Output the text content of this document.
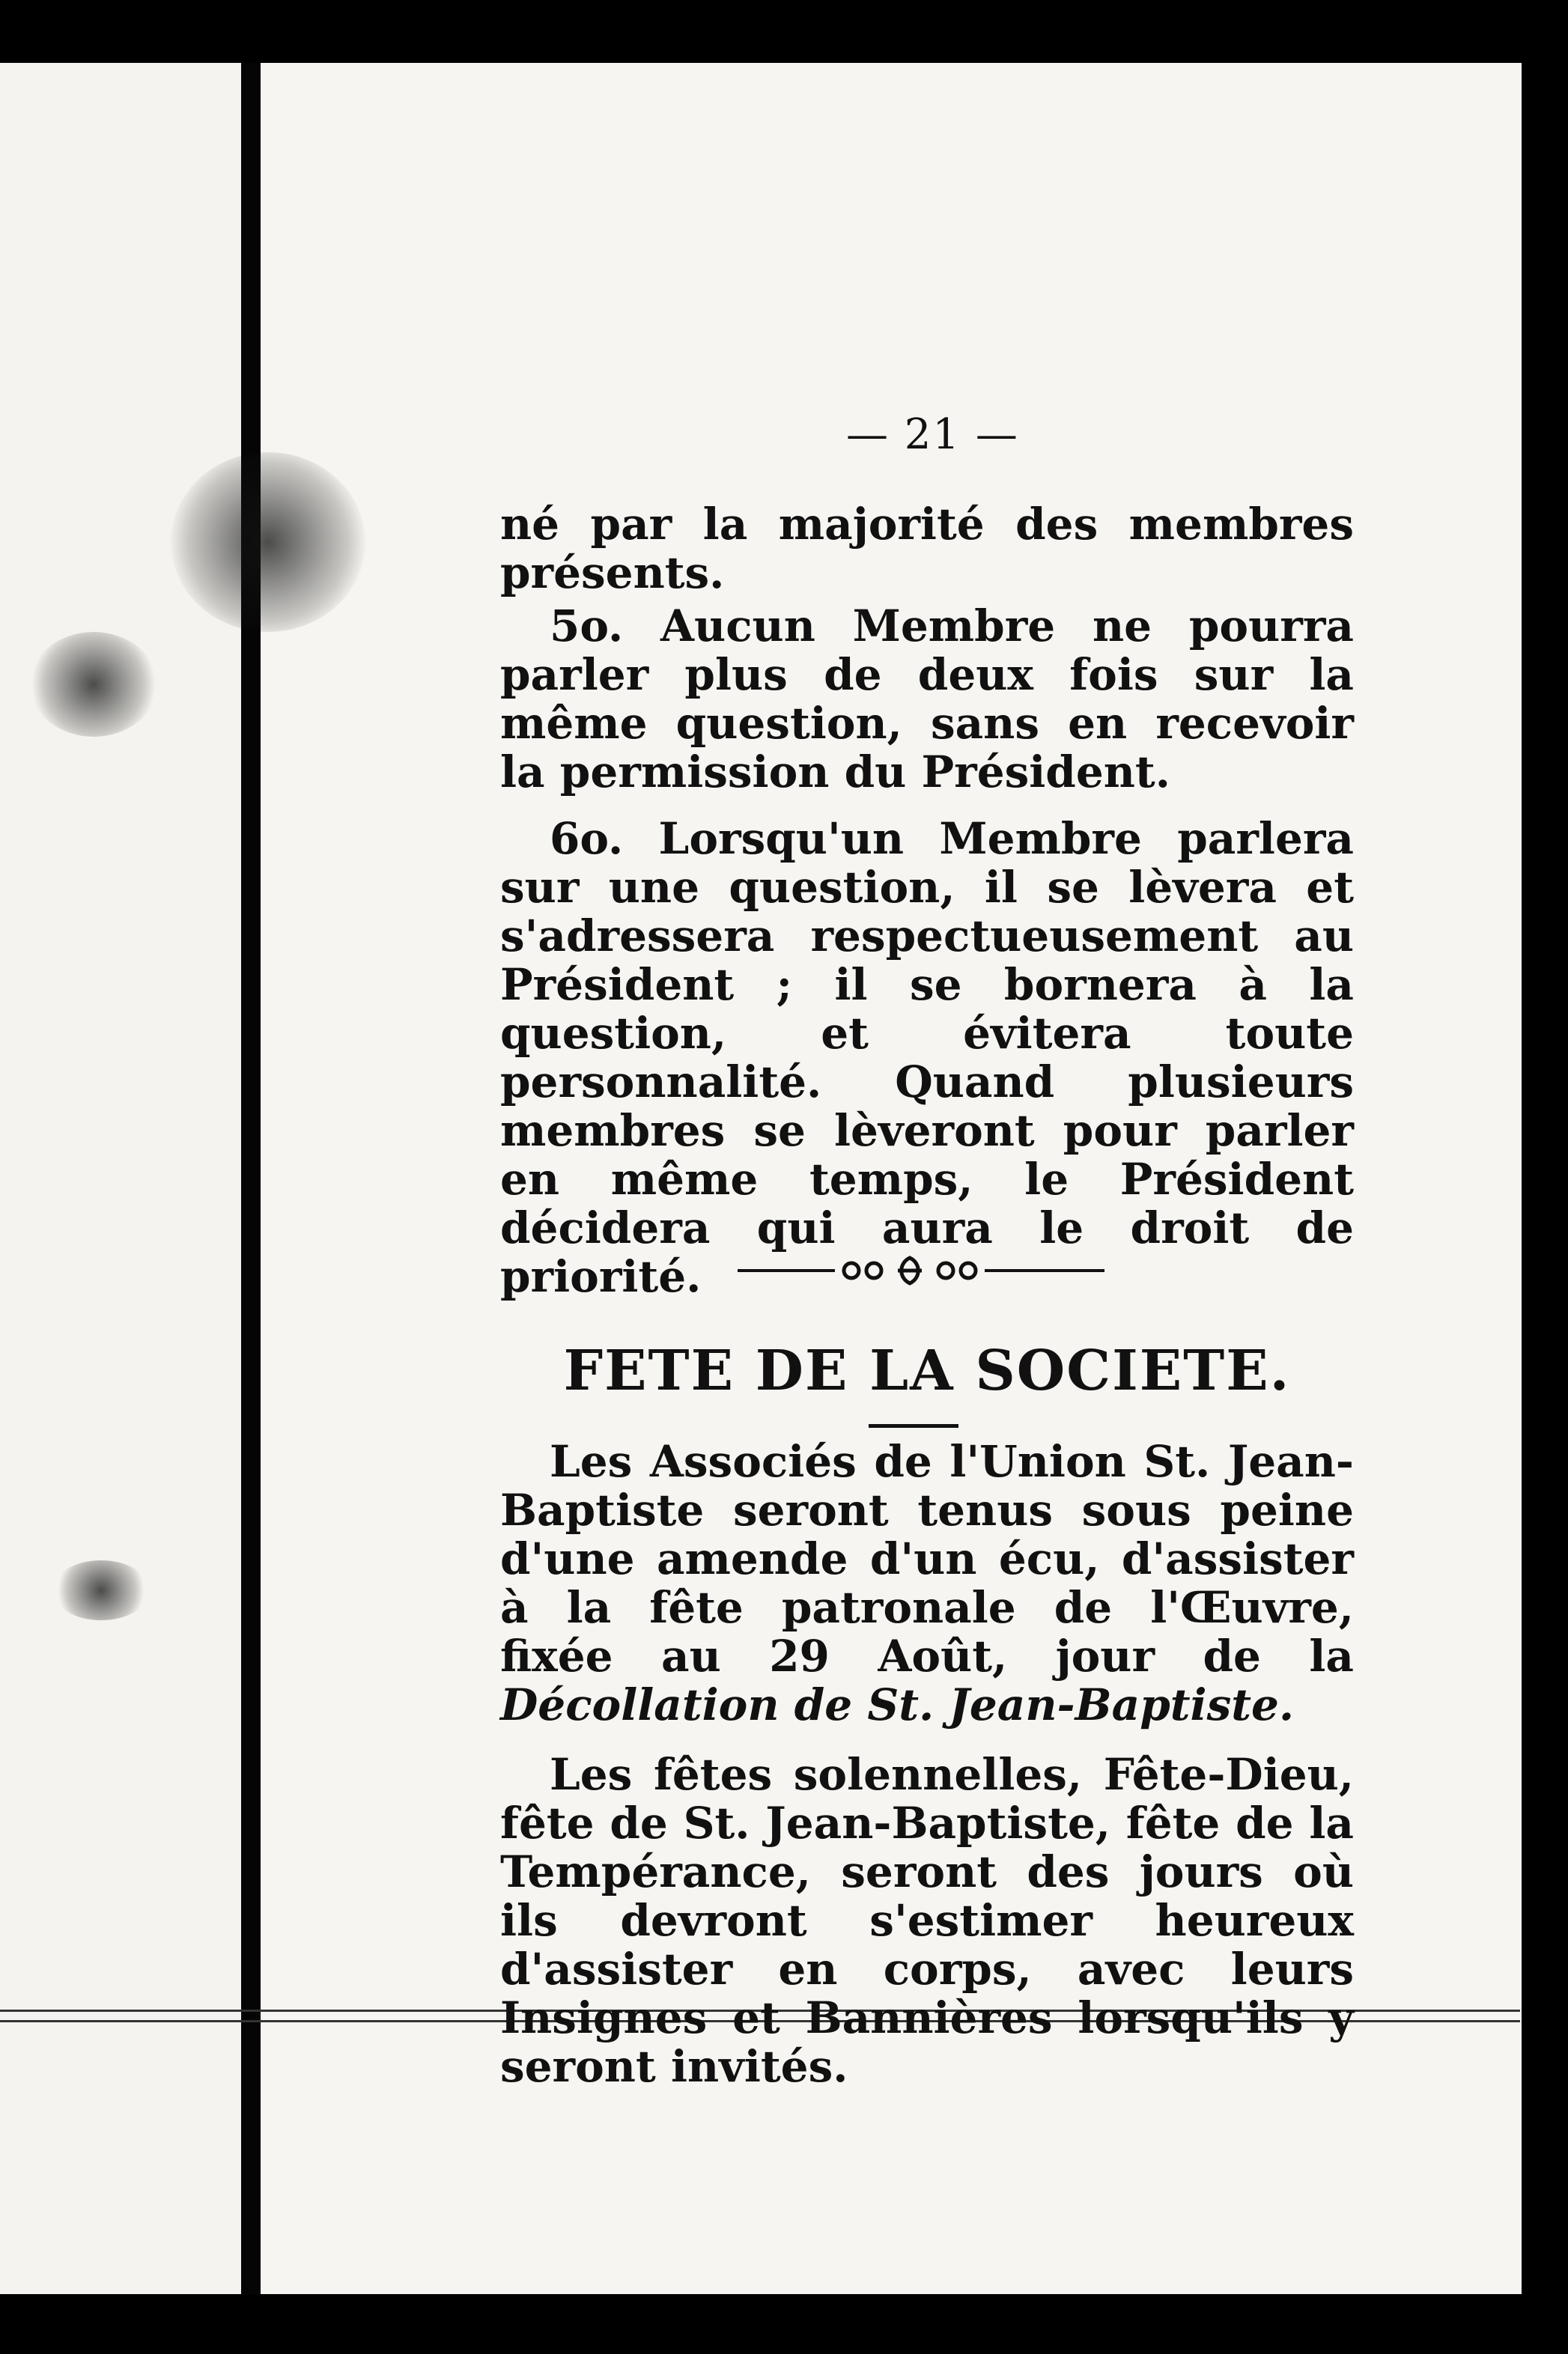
— 21 —

né par la majorité des membres présents.

5o. Aucun Membre ne pourra parler plus de deux fois sur la même question, sans en recevoir la permission du Président.

6o. Lorsqu'un Membre parlera sur une question, il se lèvera et s'adressera respectueusement au Président ; il se bornera à la question, et évitera toute personnalité. Quand plusieurs membres se lèveront pour parler en même temps, le Président décidera qui aura le droit de priorité.

FETE DE LA SOCIETE.

Les Associés de l'Union St. Jean-Baptiste seront tenus sous peine d'une amende d'un écu, d'assister à la fête patronale de l'Œuvre, fixée au 29 Août, jour de la Décollation de St. Jean-Baptiste.

Les fêtes solennelles, Fête-Dieu, fête de St. Jean-Baptiste, fête de la Tempérance, seront des jours où ils devront s'estimer heureux d'assister en corps, avec leurs Insignes et Bannières lorsqu'ils y seront invités.
